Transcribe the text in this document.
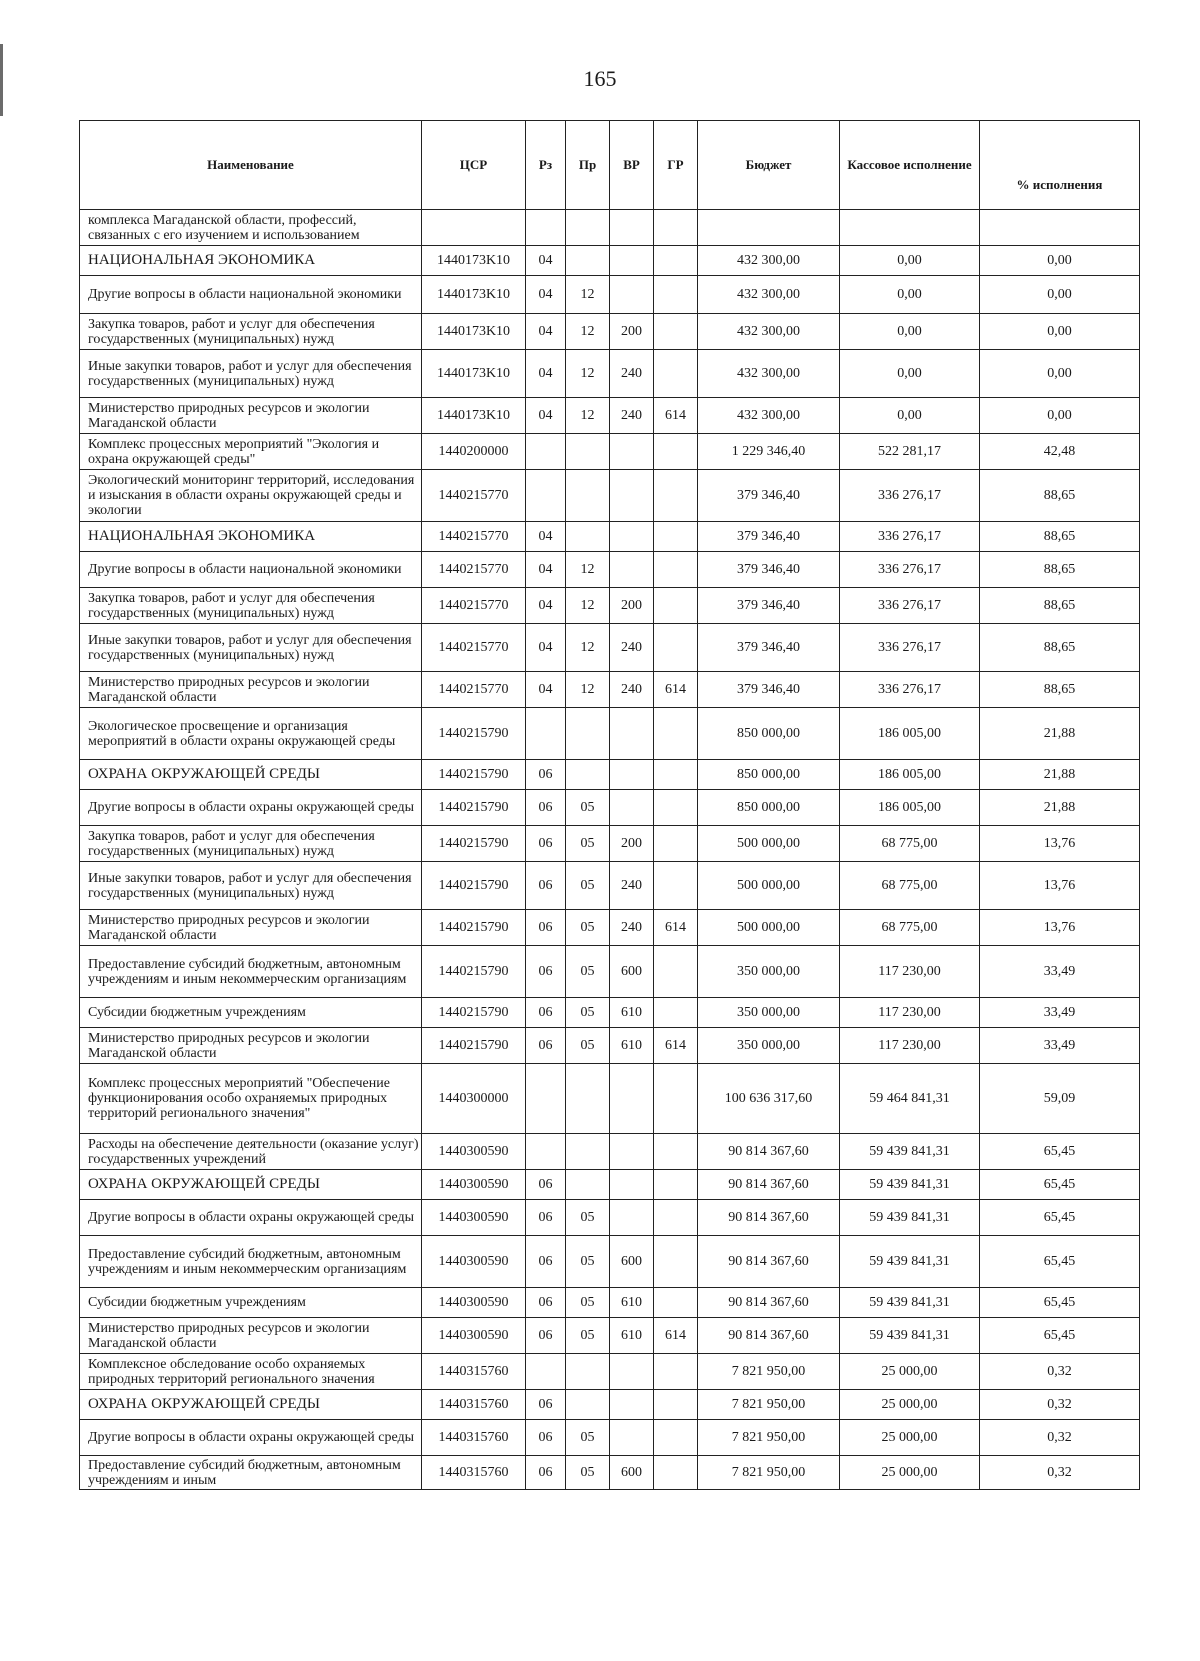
165
Наименование	ЦСР	Рз	Пр	ВР	ГР	Бюджет	Кассовое исполнение	% исполнения
комплекса Магаданской области, профессий, связанных с его изучением и использованием								
НАЦИОНАЛЬНАЯ ЭКОНОМИКА	1440173K10	04				432 300,00	0,00	0,00
Другие вопросы в области национальной экономики	1440173K10	04	12			432 300,00	0,00	0,00
Закупка товаров, работ и услуг для обеспечения государственных (муниципальных) нужд	1440173K10	04	12	200		432 300,00	0,00	0,00
Иные закупки товаров, работ и услуг для обеспечения государственных (муниципальных) нужд	1440173K10	04	12	240		432 300,00	0,00	0,00
Министерство природных ресурсов и экологии Магаданской области	1440173K10	04	12	240	614	432 300,00	0,00	0,00
Комплекс процессных мероприятий "Экология и охрана окружающей среды"	1440200000					1 229 346,40	522 281,17	42,48
Экологический мониторинг территорий, исследования и изыскания в области охраны окружающей среды и экологии	1440215770					379 346,40	336 276,17	88,65
НАЦИОНАЛЬНАЯ ЭКОНОМИКА	1440215770	04				379 346,40	336 276,17	88,65
Другие вопросы в области национальной экономики	1440215770	04	12			379 346,40	336 276,17	88,65
Закупка товаров, работ и услуг для обеспечения государственных (муниципальных) нужд	1440215770	04	12	200		379 346,40	336 276,17	88,65
Иные закупки товаров, работ и услуг для обеспечения государственных (муниципальных) нужд	1440215770	04	12	240		379 346,40	336 276,17	88,65
Министерство природных ресурсов и экологии Магаданской области	1440215770	04	12	240	614	379 346,40	336 276,17	88,65
Экологическое просвещение и организация мероприятий в области охраны окружающей среды	1440215790					850 000,00	186 005,00	21,88
ОХРАНА ОКРУЖАЮЩЕЙ СРЕДЫ	1440215790	06				850 000,00	186 005,00	21,88
Другие вопросы в области охраны окружающей среды	1440215790	06	05			850 000,00	186 005,00	21,88
Закупка товаров, работ и услуг для обеспечения государственных (муниципальных) нужд	1440215790	06	05	200		500 000,00	68 775,00	13,76
Иные закупки товаров, работ и услуг для обеспечения государственных (муниципальных) нужд	1440215790	06	05	240		500 000,00	68 775,00	13,76
Министерство природных ресурсов и экологии Магаданской области	1440215790	06	05	240	614	500 000,00	68 775,00	13,76
Предоставление субсидий бюджетным, автономным учреждениям и иным некоммерческим организациям	1440215790	06	05	600		350 000,00	117 230,00	33,49
Субсидии бюджетным учреждениям	1440215790	06	05	610		350 000,00	117 230,00	33,49
Министерство природных ресурсов и экологии Магаданской области	1440215790	06	05	610	614	350 000,00	117 230,00	33,49
Комплекс процессных мероприятий "Обеспечение функционирования особо охраняемых природных территорий регионального значения"	1440300000					100 636 317,60	59 464 841,31	59,09
Расходы на обеспечение деятельности (оказание услуг) государственных учреждений	1440300590					90 814 367,60	59 439 841,31	65,45
ОХРАНА ОКРУЖАЮЩЕЙ СРЕДЫ	1440300590	06				90 814 367,60	59 439 841,31	65,45
Другие вопросы в области охраны окружающей среды	1440300590	06	05			90 814 367,60	59 439 841,31	65,45
Предоставление субсидий бюджетным, автономным учреждениям и иным некоммерческим организациям	1440300590	06	05	600		90 814 367,60	59 439 841,31	65,45
Субсидии бюджетным учреждениям	1440300590	06	05	610		90 814 367,60	59 439 841,31	65,45
Министерство природных ресурсов и экологии Магаданской области	1440300590	06	05	610	614	90 814 367,60	59 439 841,31	65,45
Комплексное обследование особо охраняемых природных территорий регионального значения	1440315760					7 821 950,00	25 000,00	0,32
ОХРАНА ОКРУЖАЮЩЕЙ СРЕДЫ	1440315760	06				7 821 950,00	25 000,00	0,32
Другие вопросы в области охраны окружающей среды	1440315760	06	05			7 821 950,00	25 000,00	0,32
Предоставление субсидий бюджетным, автономным учреждениям и иным	1440315760	06	05	600		7 821 950,00	25 000,00	0,32
